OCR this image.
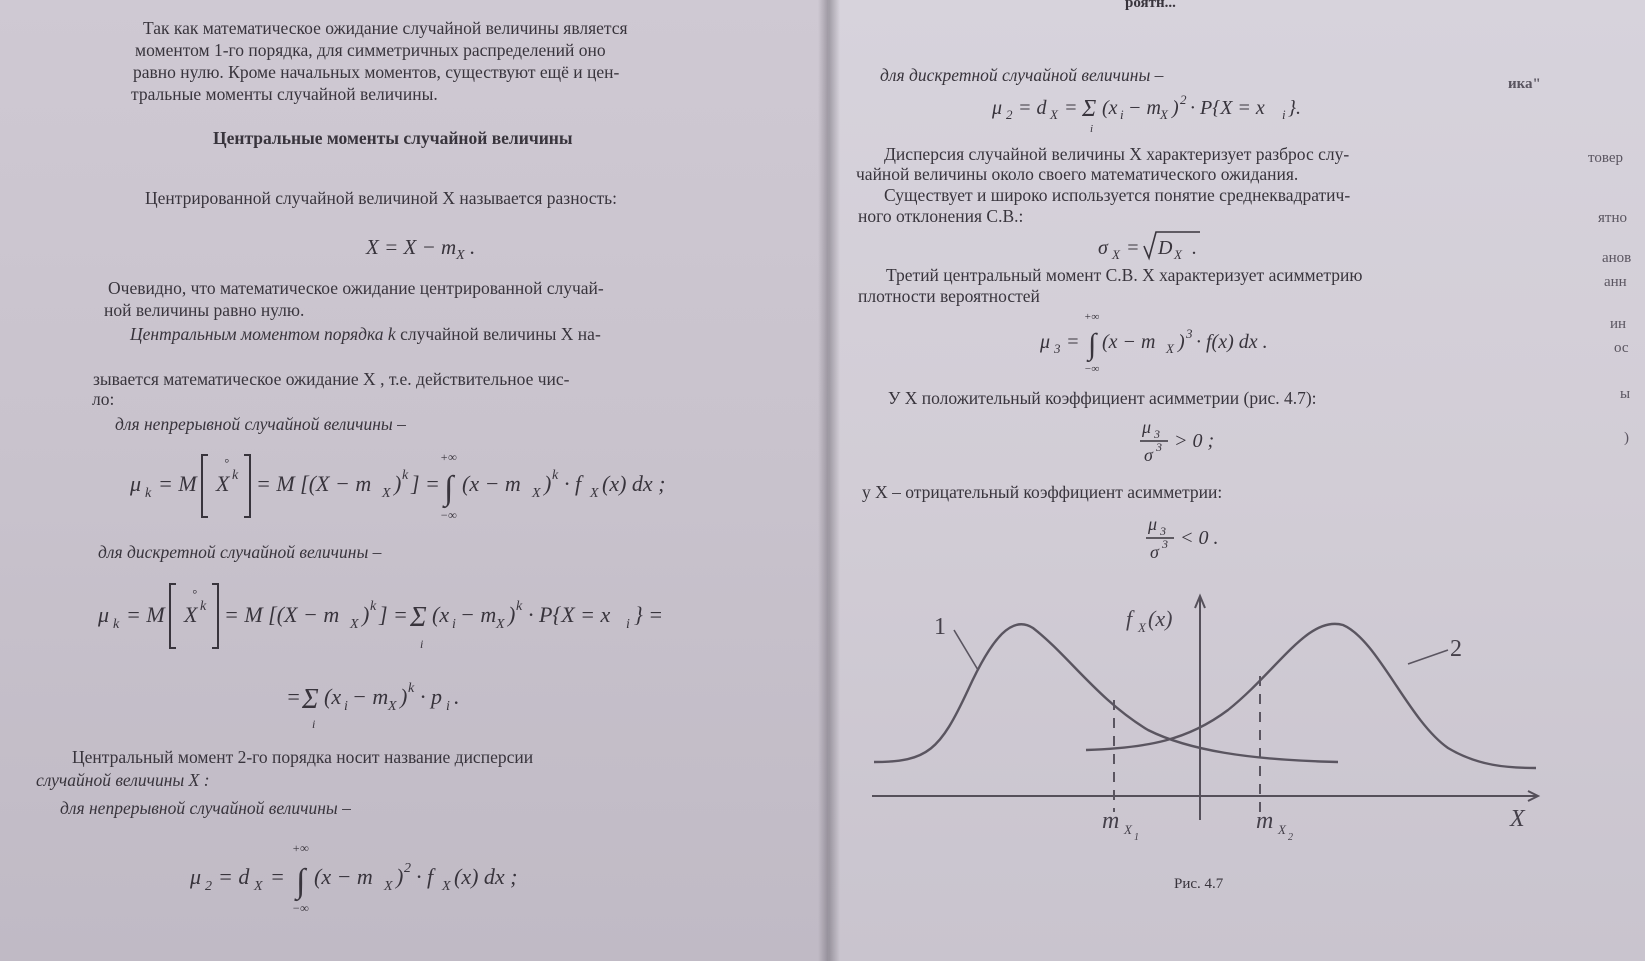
Так как математическое ожидание случайной величины является
моментом 1-го порядка, для симметричных распределений оно
равно нулю. Кроме начальных моментов, существуют ещё и цен-
тральные моменты случайной величины.
Центральные моменты случайной величины
Центрированной случайной величиной X называется разность:
$X = X - m_X$ .
Очевидно, что математическое ожидание центрированной случай-
ной величины равно нулю.
Центральным моментом порядка k случайной величины X на-
зывается математическое ожидание X , т.е. действительное чис-
ло:
для непрерывной случайной величины –
μ k = M X k
°
= M [(X − m X ) k ] =
+∞
∫
−∞
(x − m X ) k · f X (x) dx ;
μ = M[ X ] = M[(X − m ) ] = ∫(x − m ) · f (x) dx ;
для дискретной случайной величины –
μ k = M X k
°
= M [(X − m X ) k ] = Σ
i
(x i − m X ) k · P{X = x i } =
μ = M[ X ] = M[(X − m ) ] = Σ(x − m ) · P{X = x } =
= Σ
i
(x i − m X ) k · p i .
= Σ(x − m ) · p .
Центральный момент 2-го порядка носит название дисперсии
случайной величины X :
для непрерывной случайной величины –
μ 2 = d X =
+∞
∫
−∞
(x − m X ) 2 · f X (x) dx ;
μ = d = ∫(x − m ) · f (x) dx ;
роятн...
для дискретной случайной величины –
μ 2 = d X = Σ
i
(x i − m X ) 2 · P{X = x i }.
μ = d = Σ(x − m ) · P{X = x }.
Дисперсия случайной величины X характеризует разброс слу-
чайной величины около своего математического ожидания.
Существует и широко используется понятие среднеквадратич-
ного отклонения С.В.:
σ X = D X .
σ = √D .
Третий центральный момент С.В. X характеризует асимметрию
плотности вероятностей
μ 3 =
+∞
∫
−∞
(x − m X ) 3 · f(x) dx .
μ = ∫(x − m ) · f(x) dx .
У X положительный коэффициент асимметрии (рис. 4.7):
μ 3
σ 3 > 0 ;
μ / σ > 0 ;
у X – отрицательный коэффициент асимметрии:
μ 3
σ 3 < 0 .
μ / σ < 0 .
1
2
f X (x)
X
m X
1
m X
2
Рис. 4.7
ика"
товер
ятно
анов
анн
ин
ос
ы
)
